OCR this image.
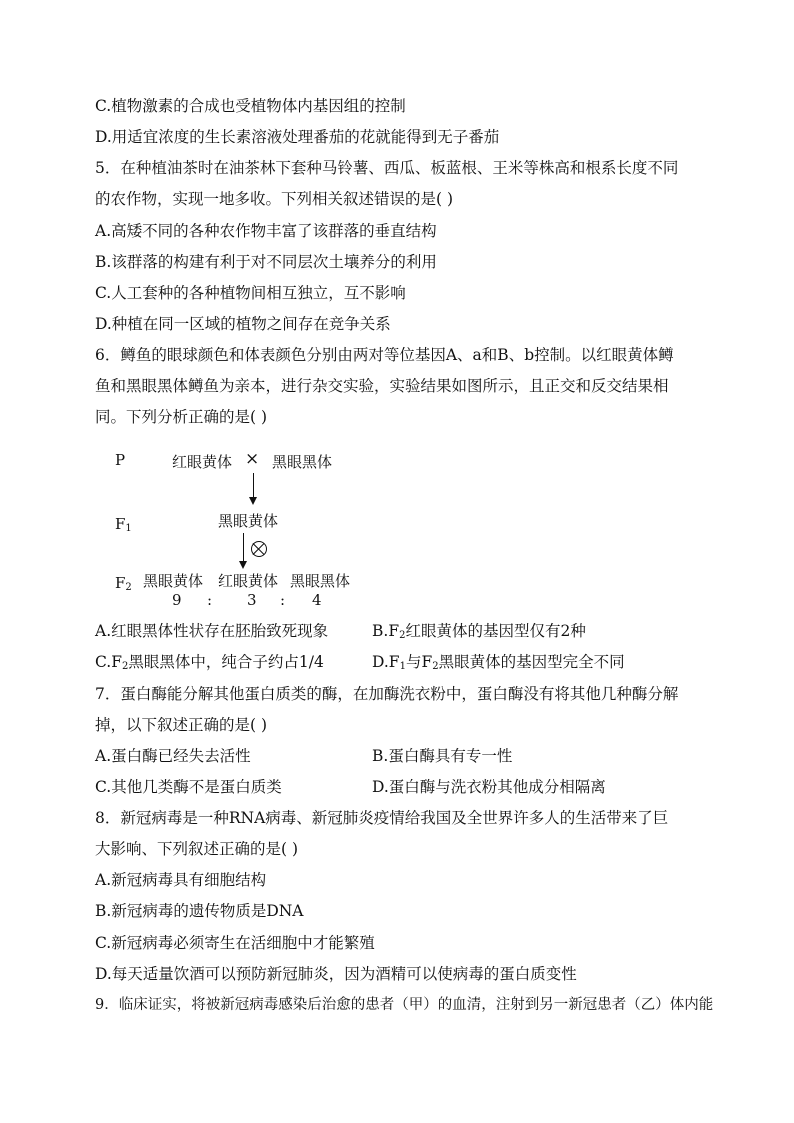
C.植物激素的合成也受植物体内基因组的控制
D.用适宜浓度的生长素溶液处理番茄的花就能得到无子番茄
5．在种植油茶时在油茶林下套种马铃薯、西瓜、板蓝根、王米等株高和根系长度不同
的农作物，实现一地多收。下列相关叙述错误的是( )
A.高矮不同的各种农作物丰富了该群落的垂直结构
B.该群落的构建有利于对不同层次土壤养分的利用
C.人工套种的各种植物间相互独立，互不影响
D.种植在同一区域的植物之间存在竞争关系
6．鳟鱼的眼球颜色和体表颜色分别由两对等位基因A、a和B、b控制。以红眼黄体鳟
鱼和黑眼黑体鳟鱼为亲本，进行杂交实验，实验结果如图所示，且正交和反交结果相
同。下列分析正确的是( )
P	红眼黄体 × 黑眼黑体
$F_1$	黑眼黄体
$F_2$ 黑眼黄体 红眼黄体 黑眼黑体
9 : 3 : 4
A.红眼黑体性状存在胚胎致死现象	$B.F_2$红眼黄体的基因型仅有2种
$C.F_2$黑眼黑体中，纯合子约占1/4	$D.F_1$与$F_2$黑眼黄体的基因型完全不同
7．蛋白酶能分解其他蛋白质类的酶，在加酶洗衣粉中，蛋白酶没有将其他几种酶分解
掉，以下叙述正确的是( )
A.蛋白酶已经失去活性	B.蛋白酶具有专一性
C.其他几类酶不是蛋白质类	D.蛋白酶与洗衣粉其他成分相隔离
8．新冠病毒是一种RNA病毒、新冠肺炎疫情给我国及全世界许多人的生活带来了巨
大影响、下列叙述正确的是( )
A.新冠病毒具有细胞结构
B.新冠病毒的遗传物质是DNA
C.新冠病毒必须寄生在活细胞中才能繁殖
D.每天适量饮酒可以预防新冠肺炎，因为酒精可以使病毒的蛋白质变性
9．临床证实，将被新冠病毒感染后治愈的患者（甲）的血清，注射到另一新冠患者（乙）体内能
